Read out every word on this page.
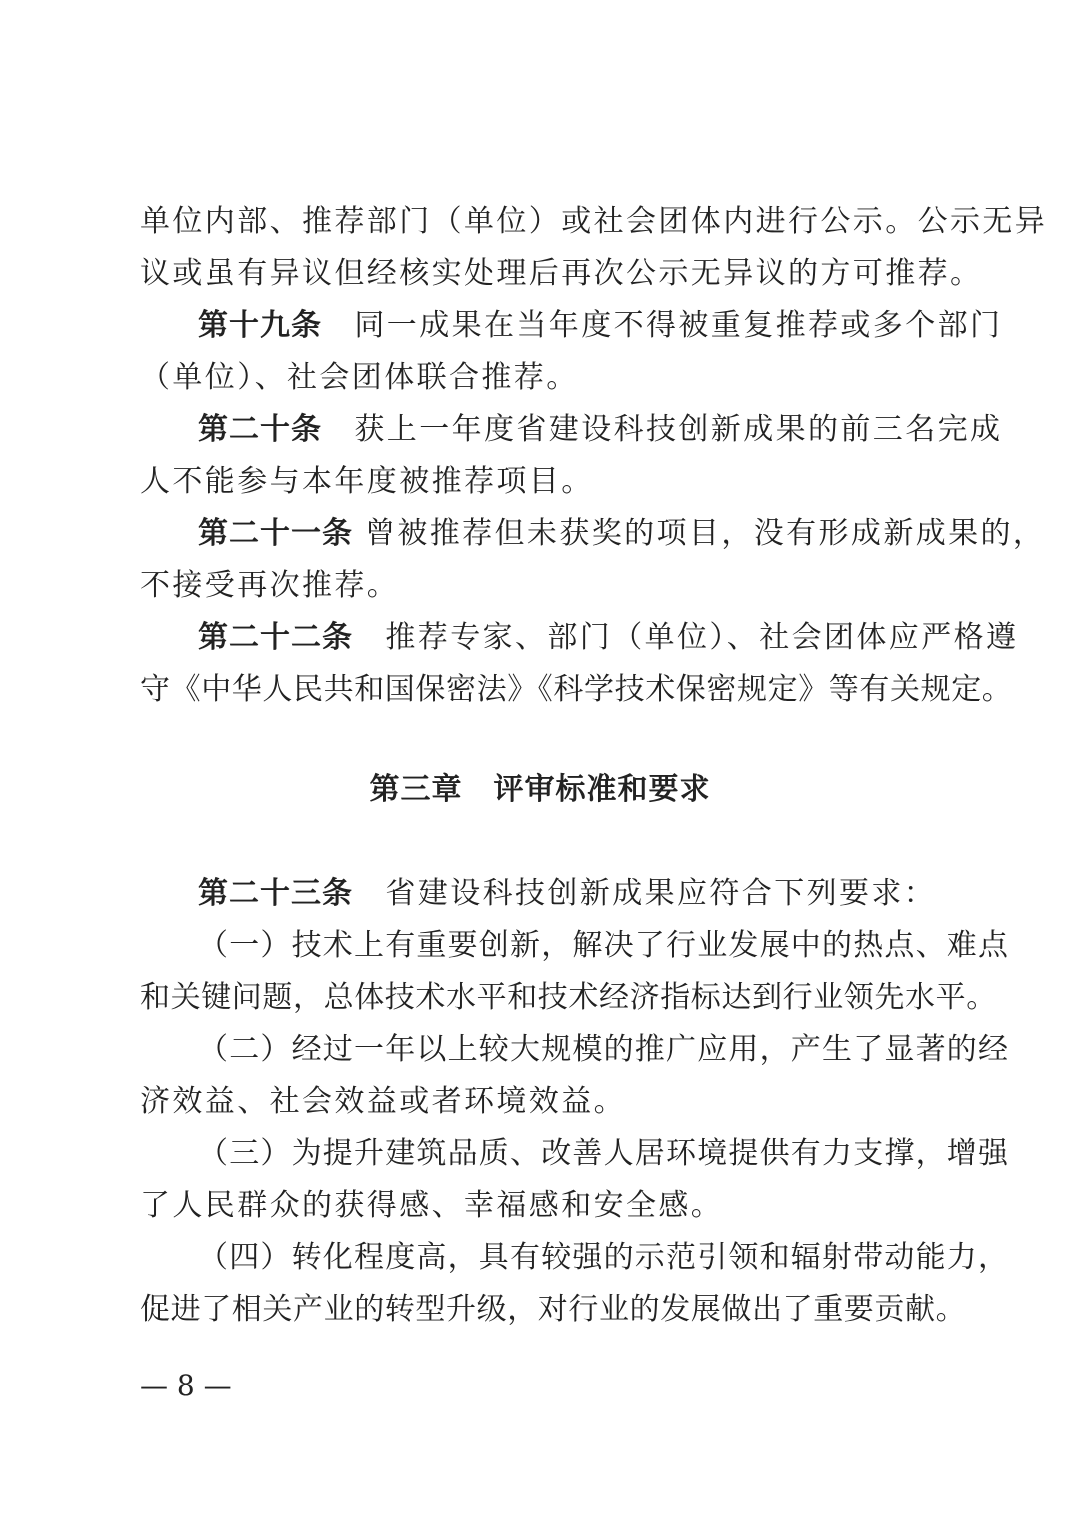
单位内部、推荐部门（单位）或社会团体内进行公示。公示无异
议或虽有异议但经核实处理后再次公示无异议的方可推荐。
第十九条　 同一成果在当年度不得被重复推荐或多个部门
（单位）、社会团体联合推荐。
第二十条　 获上一年度省建设科技创新成果的前三名完成
人不能参与本年度被推荐项目。
第二十一条 曾被推荐但未获奖的项目，没有形成新成果的，
不接受再次推荐。
第二十二条　 推荐专家、部门（单位）、社会团体应严格遵
守《中华人民共和国保密法》《科学技术保密规定》等有关规定。
第三章　评审标准和要求
第二十三条　 省建设科技创新成果应符合下列要求：
（一）技术上有重要创新，解决了行业发展中的热点、难点
和关键问题，总体技术水平和技术经济指标达到行业领先水平。
（二）经过一年以上较大规模的推广应用，产生了显著的经
济效益、社会效益或者环境效益。
（三）为提升建筑品质、改善人居环境提供有力支撑，增强
了人民群众的获得感、幸福感和安全感。
（四）转化程度高，具有较强的示范引领和辐射带动能力，
促进了相关产业的转型升级，对行业的发展做出了重要贡献。
— 8 —
